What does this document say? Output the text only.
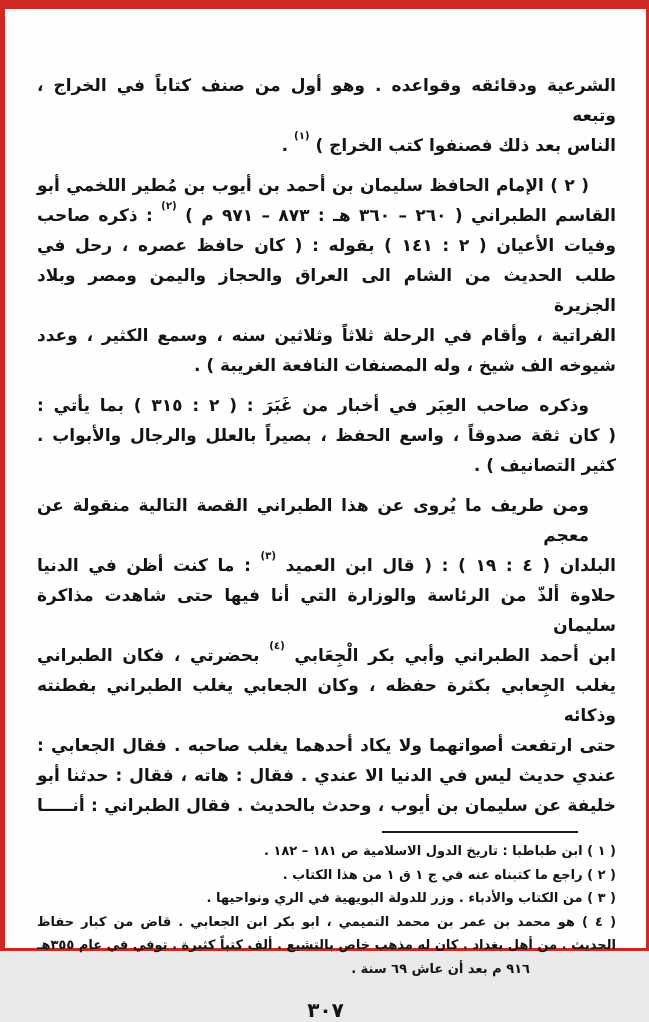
الشرعية ودقائقه وقواعده . وهو أول من صنف كتاباً في الخراج ، وتبعه
الناس بعد ذلك فصنفوا كتب الخراج ) $^{(١)}$ .
( ٢ ) الإمام الحافظ سليمان بن أحمد بن أيوب بن مُطير اللخمي أبو
القاسم الطبراني ( ٢٦٠ – ٣٦٠ هـ : ٨٧٣ – ٩٧١ م ) $^{(٢)}$ : ذكره صاحب
وفيات الأعيان ( ٢ : ١٤١ ) بقوله : ( كان حافظ عصره ، رحل في
طلب الحديث من الشام الى العراق والحجاز واليمن ومصر وبلاد الجزيرة
الفراتية ، وأقام في الرحلة ثلاثاً وثلاثين سنه ، وسمع الكثير ، وعدد
شيوخه الف شيخ ، وله المصنفات النافعة الغريبة ) .
وذكره صاحب العِبَر في أخبار من غَبَرَ : ( ٢ : ٣١٥ ) بما يأتي :
( كان ثقة صدوقاً ، واسع الحفظ ، بصيراً بالعلل والرجال والأبواب .
كثير التصانيف ) .
ومن طريف ما يُروى عن هذا الطبراني القصة التالية منقولة عن معجم
البلدان ( ٤ : ١٩ ) : ( قال ابن العميد $^{(٣)}$ : ما كنت أظن في الدنيا
حلاوة ألذّ من الرئاسة والوزارة التي أنا فيها حتى شاهدت مذاكرة سليمان
ابن أحمد الطبراني وأبي بكر الْجِعَابي $^{(٤)}$ بحضرتي ، فكان الطبراني
يغلب الجِعابي بكثرة حفظه ، وكان الجعابي يغلب الطبراني بفطنته وذكائه
حتى ارتفعت أصواتهما ولا يكاد أحدهما يغلب صاحبه . فقال الجعابي :
عندي حديث ليس في الدنيا الا عندي . فقال : هاته ، فقال : حدثنا أبو
خليفة عن سليمان بن أيوب ، وحدث بالحديث . فقال الطبراني : أنـــــا
( ١ ) ابن طباطبا : تاريخ الدول الاسلامية ص ١٨١ – ١٨٢ .
( ٢ ) راجع ما كتبناه عنه في ج ١ ق ١ من هذا الكتاب .
( ٣ ) من الكتاب والأدباء . وزر للدولة البويهية في الري ونواحيها .
( ٤ ) هو محمد بن عمر بن محمد التميمي ، ابو بكر ابن الجعابي . قاض من كبار حفاظ
الحديث . من أهل بغداد . كان له مذهب خاص بالتشيع . ألف كتباً كثيرة . توفي في عام ٣٥٥هـ
٩١٦ م بعد أن عاش ٦٩ سنة .
٣٠٧
